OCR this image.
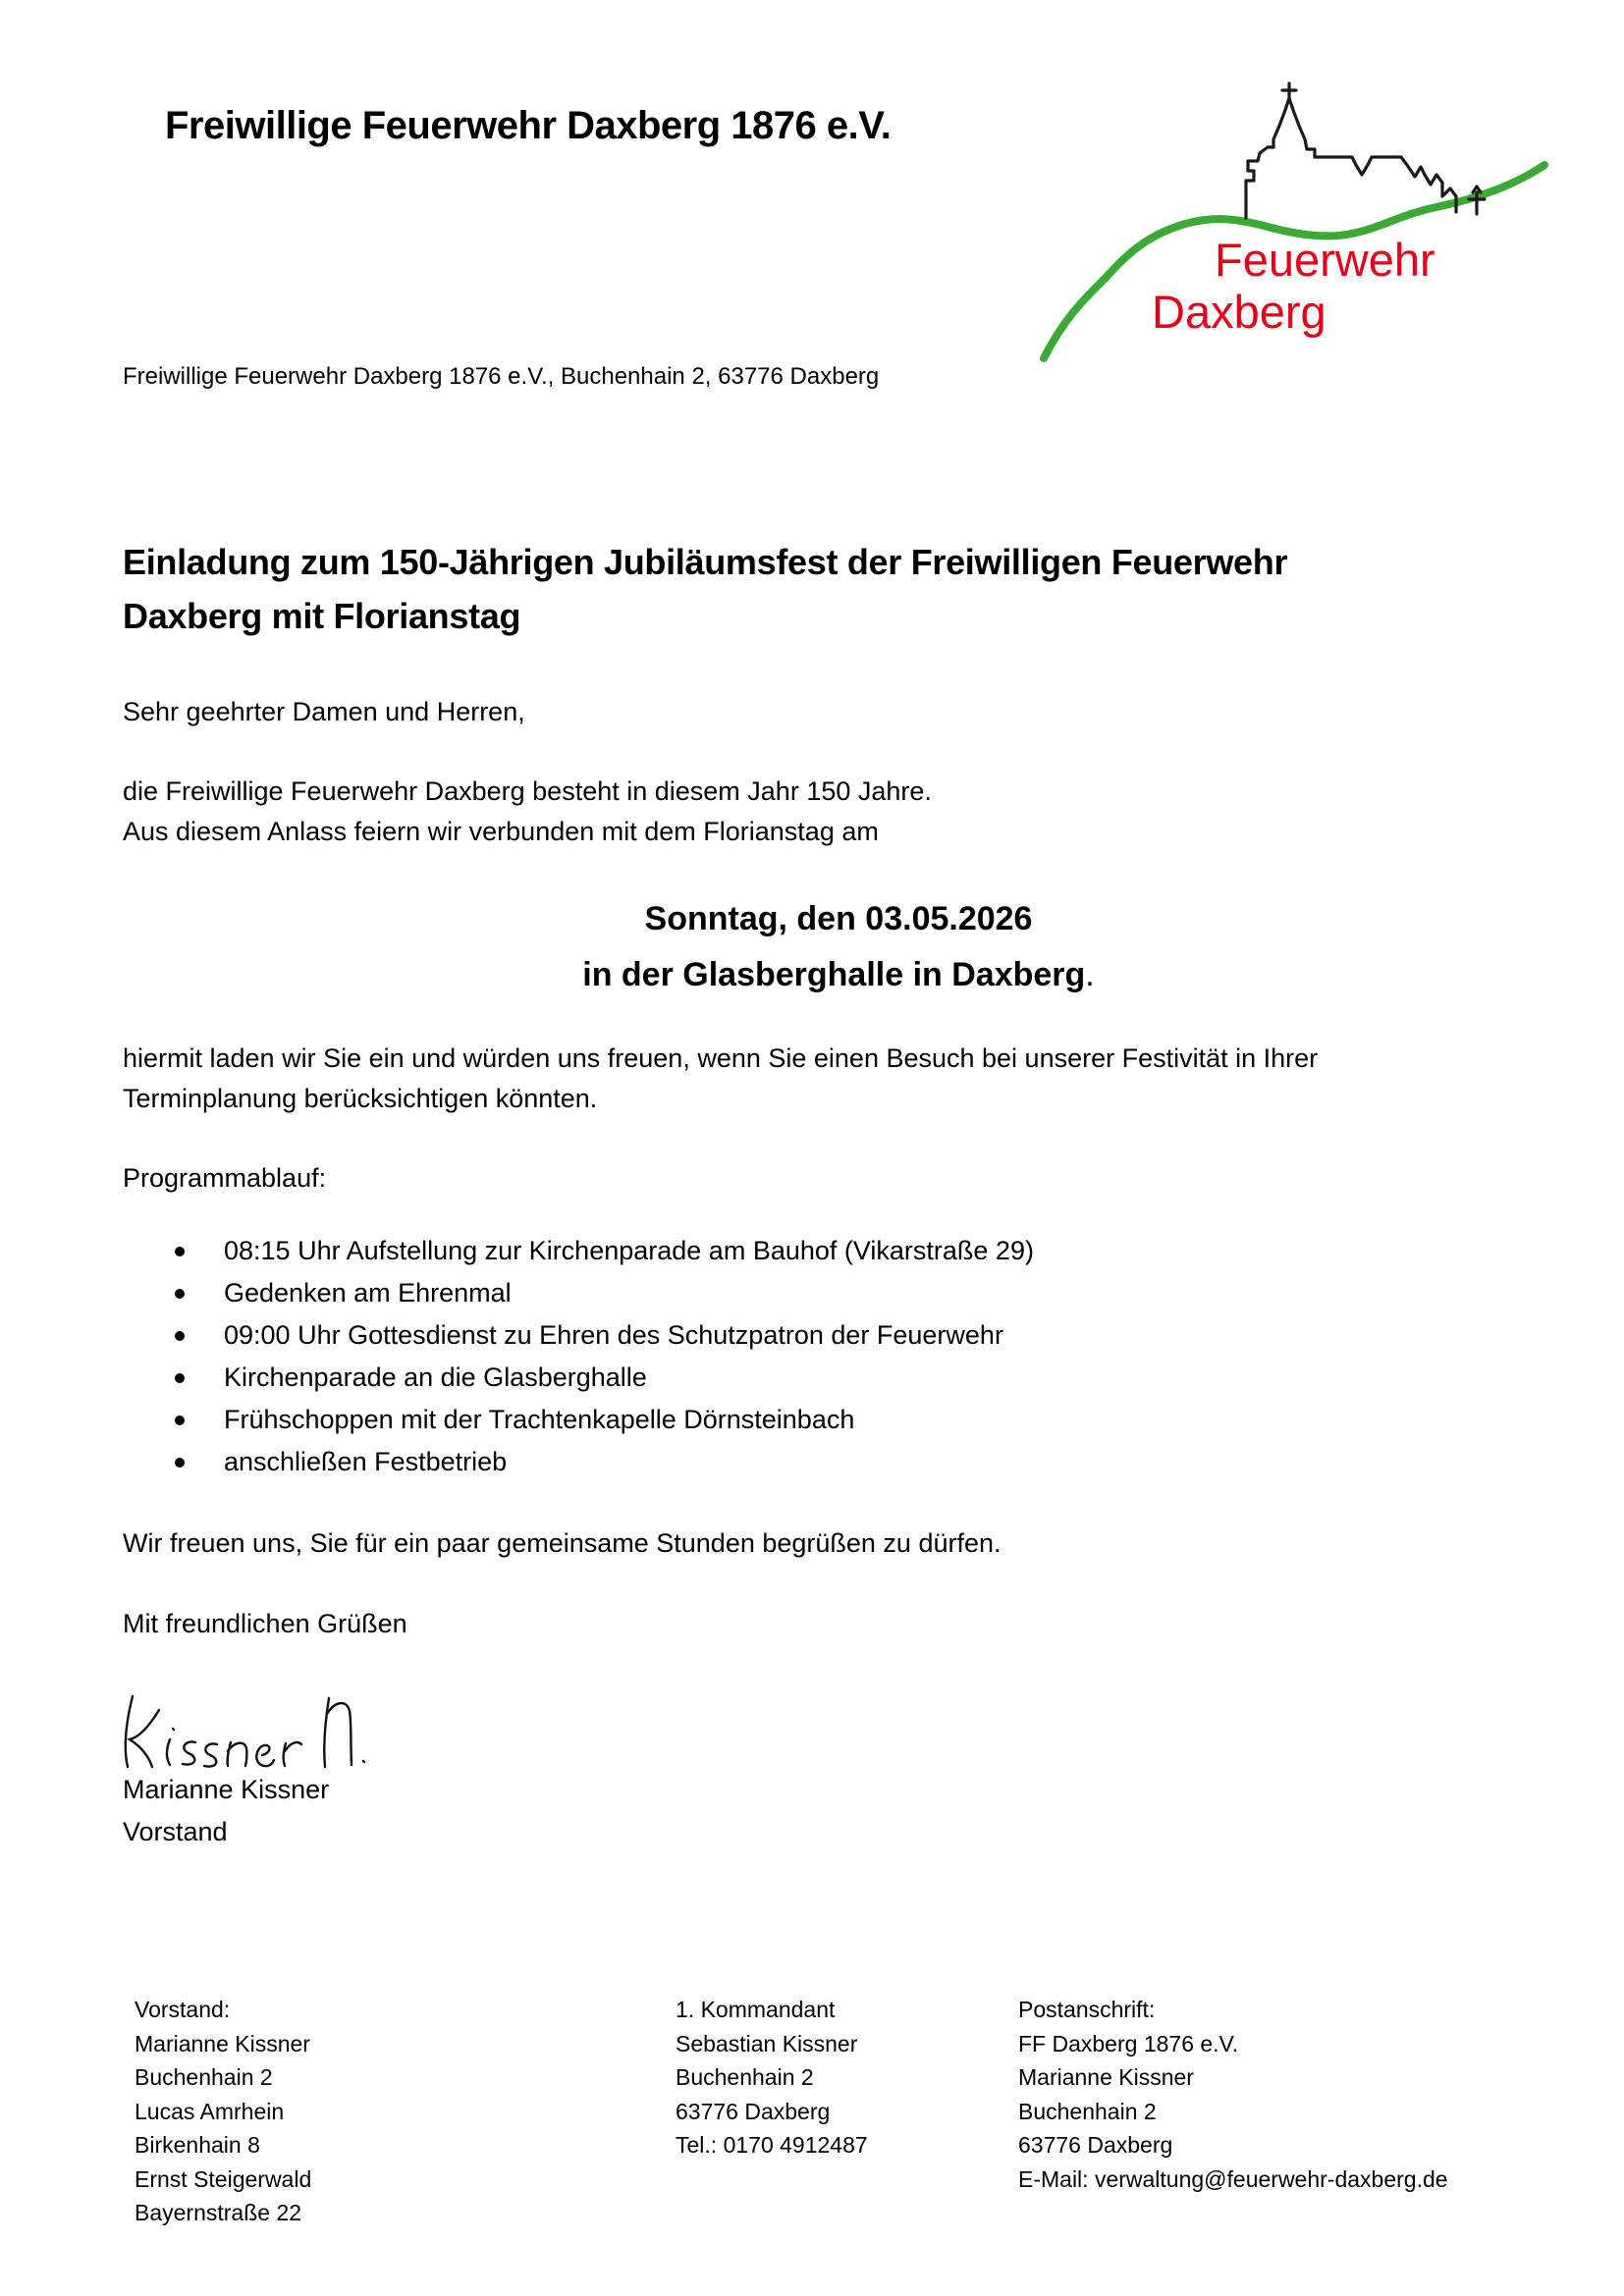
Freiwillige Feuerwehr Daxberg 1876 e.V.
Feuerwehr
Daxberg
Freiwillige Feuerwehr Daxberg 1876 e.V., Buchenhain 2, 63776 Daxberg
Einladung zum 150-Jährigen Jubiläumsfest der Freiwilligen Feuerwehr
Daxberg mit Florianstag
Sehr geehrter Damen und Herren,
die Freiwillige Feuerwehr Daxberg besteht in diesem Jahr 150 Jahre.
Aus diesem Anlass feiern wir verbunden mit dem Florianstag am
Sonntag, den 03.05.2026
in der Glasberghalle in Daxberg.
hiermit laden wir Sie ein und würden uns freuen, wenn Sie einen Besuch bei unserer Festivität in Ihrer
Terminplanung berücksichtigen könnten.
Programmablauf:
08:15 Uhr Aufstellung zur Kirchenparade am Bauhof (Vikarstraße 29)
Gedenken am Ehrenmal
09:00 Uhr Gottesdienst zu Ehren des Schutzpatron der Feuerwehr
Kirchenparade an die Glasberghalle
Frühschoppen mit der Trachtenkapelle Dörnsteinbach
anschließen Festbetrieb
Wir freuen uns, Sie für ein paar gemeinsame Stunden begrüßen zu dürfen.
Mit freundlichen Grüßen
Marianne Kissner
Vorstand
Vorstand:
Marianne Kissner
Buchenhain 2
Lucas Amrhein
Birkenhain 8
Ernst Steigerwald
Bayernstraße 22
1. Kommandant
Sebastian Kissner
Buchenhain 2
63776 Daxberg
Tel.: 0170 4912487
Postanschrift:
FF Daxberg 1876 e.V.
Marianne Kissner
Buchenhain 2
63776 Daxberg
E-Mail: verwaltung@feuerwehr-daxberg.de
